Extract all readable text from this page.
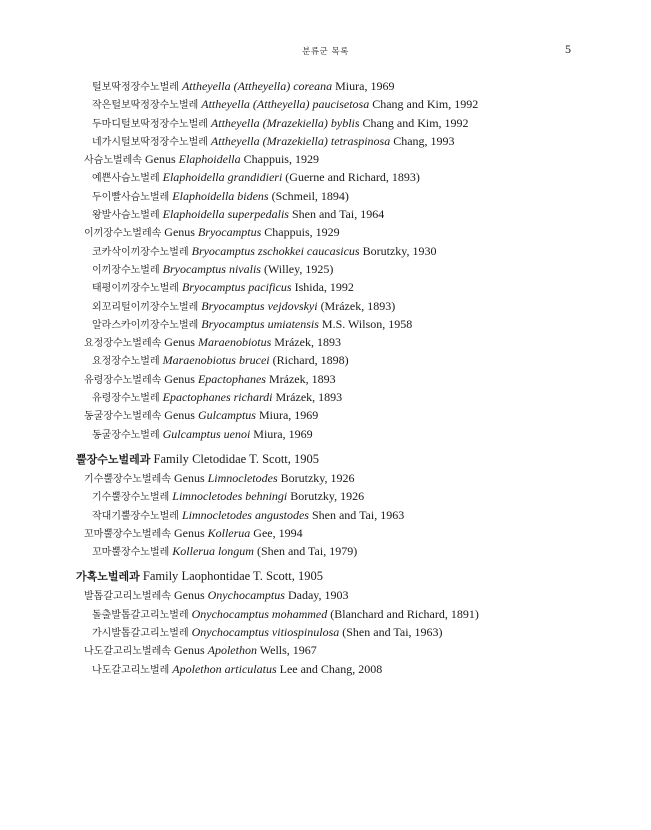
분류군 목록	5
털보딱정장수노벌레 Attheyella (Attheyella) coreana Miura, 1969
작은털보딱정장수노벌레 Attheyella (Attheyella) paucisetosa Chang and Kim, 1992
두마디털보딱정장수노벌레 Attheyella (Mrazekiella) byblis Chang and Kim, 1992
네가시털보딱정장수노벌레 Attheyella (Mrazekiella) tetraspinosa Chang, 1993
사슴노벌레속 Genus Elaphoidella Chappuis, 1929
예쁜사슴노벌레 Elaphoidella grandidieri (Guerne and Richard, 1893)
두이빨사슴노벌레 Elaphoidella bidens (Schmeil, 1894)
왕발사슴노벌레 Elaphoidella superpedalis Shen and Tai, 1964
이끼장수노벌레속 Genus Bryocamptus Chappuis, 1929
코카삭이끼장수노벌레 Bryocamptus zschokkei caucasicus Borutzky, 1930
이끼장수노벌레 Bryocamptus nivalis (Willey, 1925)
태평이끼장수노벌레 Bryocamptus pacificus Ishida, 1992
외꼬리털이끼장수노벌레 Bryocamptus vejdovskyi (Mrázek, 1893)
알라스카이끼장수노벌레 Bryocamptus umiatensis M.S. Wilson, 1958
요정장수노벌레속 Genus Maraenobiotus Mrázek, 1893
요정장수노벌레 Maraenobiotus brucei (Richard, 1898)
유령장수노벌레속 Genus Epactophanes Mrázek, 1893
유령장수노벌레 Epactophanes richardi Mrázek, 1893
동굴장수노벌레속 Genus Gulcamptus Miura, 1969
동굴장수노벌레 Gulcamptus uenoi Miura, 1969
뿔장수노벌레과 Family Cletodidae T. Scott, 1905
기수뿔장수노벌레속 Genus Limnocletodes Borutzky, 1926
기수뿔장수노벌레 Limnocletodes behningi Borutzky, 1926
작대기뿔장수노벌레 Limnocletodes angustodes Shen and Tai, 1963
꼬마뿔장수노벌레속 Genus Kollerua Gee, 1994
꼬마뿔장수노벌레 Kollerua longum (Shen and Tai, 1979)
가혹노벌레과 Family Laophontidae T. Scott, 1905
발톱갈고리노벌레속 Genus Onychocamptus Daday, 1903
돌출발톱갈고리노벌레 Onychocamptus mohammed (Blanchard and Richard, 1891)
가시발톱갈고리노벌레 Onychocamptus vitiospinulosa (Shen and Tai, 1963)
나도갈고리노벌레속 Genus Apolethon Wells, 1967
나도갈고리노벌레 Apolethon articulatus Lee and Chang, 2008
